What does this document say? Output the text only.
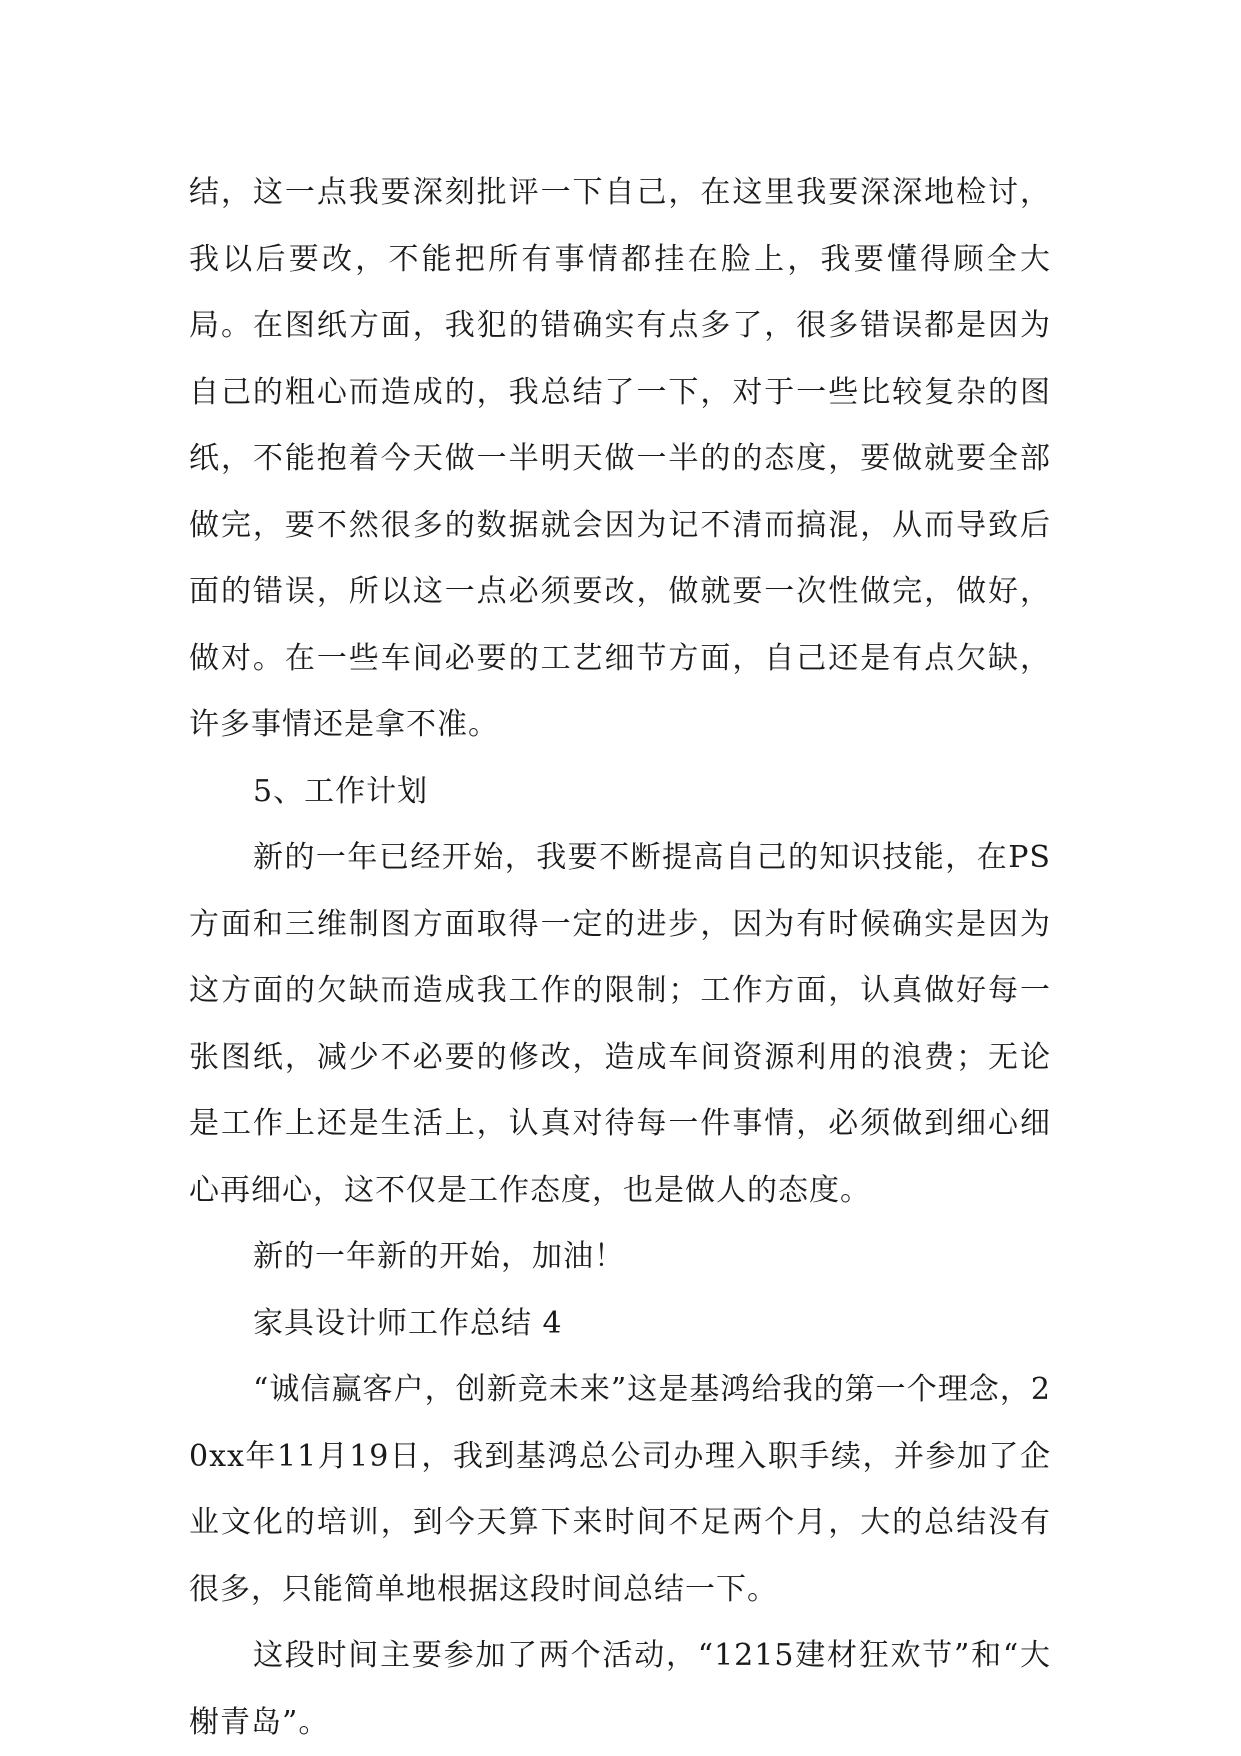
结，这一点我要深刻批评一下自己，在这里我要深深地检讨，我以后要改，不能把所有事情都挂在脸上，我要懂得顾全大局。在图纸方面，我犯的错确实有点多了，很多错误都是因为自己的粗心而造成的，我总结了一下，对于一些比较复杂的图纸，不能抱着今天做一半明天做一半的的态度，要做就要全部做完，要不然很多的数据就会因为记不清而搞混，从而导致后面的错误，所以这一点必须要改，做就要一次性做完，做好，做对。在一些车间必要的工艺细节方面，自己还是有点欠缺，许多事情还是拿不准。

5、工作计划

新的一年已经开始，我要不断提高自己的知识技能，在PS方面和三维制图方面取得一定的进步，因为有时候确实是因为这方面的欠缺而造成我工作的限制；工作方面，认真做好每一张图纸，减少不必要的修改，造成车间资源利用的浪费；无论是工作上还是生活上，认真对待每一件事情，必须做到细心细心再细心，这不仅是工作态度，也是做人的态度。

新的一年新的开始，加油！

家具设计师工作总结 4

“诚信赢客户，创新竞未来”这是基鸿给我的第一个理念，20xx年11月19日，我到基鸿总公司办理入职手续，并参加了企业文化的培训，到今天算下来时间不足两个月，大的总结没有很多，只能简单地根据这段时间总结一下。

这段时间主要参加了两个活动，“1215建材狂欢节”和“大榭青岛”。
